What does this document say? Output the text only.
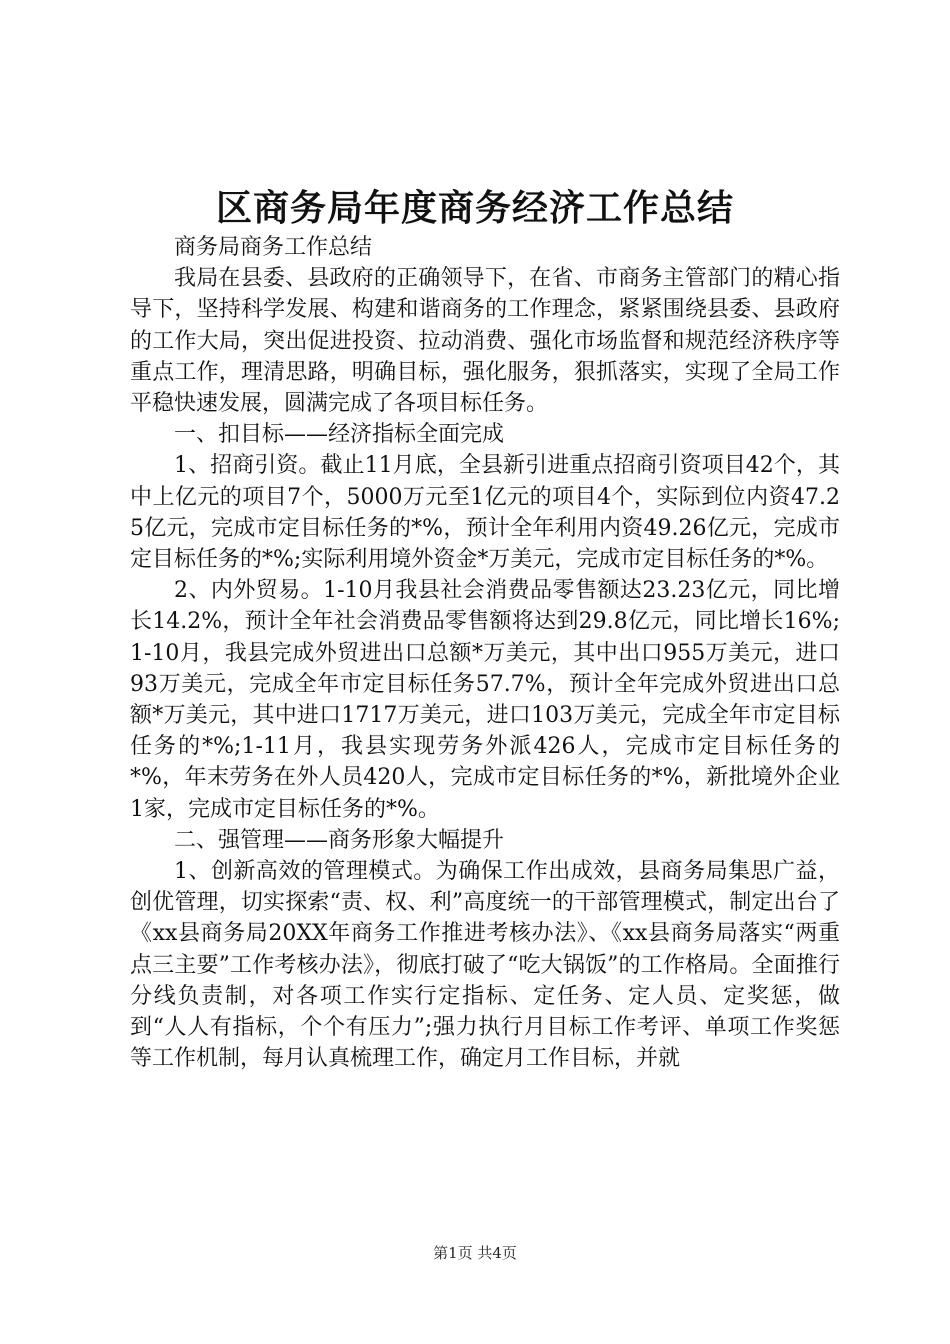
区商务局年度商务经济工作总结

商务局商务工作总结

我局在县委、县政府的正确领导下，在省、市商务主管部门的精心指导下，坚持科学发展、构建和谐商务的工作理念，紧紧围绕县委、县政府的工作大局，突出促进投资、拉动消费、强化市场监督和规范经济秩序等重点工作，理清思路，明确目标，强化服务，狠抓落实，实现了全局工作平稳快速发展，圆满完成了各项目标任务。

一、扣目标——经济指标全面完成

1、招商引资。截止11月底，全县新引进重点招商引资项目42个，其中上亿元的项目7个，5000万元至1亿元的项目4个，实际到位内资47.25亿元，完成市定目标任务的*%，预计全年利用内资49.26亿元，完成市定目标任务的*%;实际利用境外资金*万美元，完成市定目标任务的*%。

2、内外贸易。1-10月我县社会消费品零售额达23.23亿元，同比增长14.2%，预计全年社会消费品零售额将达到29.8亿元，同比增长16%;1-10月，我县完成外贸进出口总额*万美元，其中出口955万美元，进口93万美元，完成全年市定目标任务57.7%，预计全年完成外贸进出口总额*万美元，其中进口1717万美元，进口103万美元，完成全年市定目标任务的*%;1-11月，我县实现劳务外派426人，完成市定目标任务的*%，年末劳务在外人员420人，完成市定目标任务的*%，新批境外企业1家，完成市定目标任务的*%。

二、强管理——商务形象大幅提升

1、创新高效的管理模式。为确保工作出成效，县商务局集思广益，创优管理，切实探索“责、权、利”高度统一的干部管理模式，制定出台了《xx县商务局20XX年商务工作推进考核办法》、《xx县商务局落实“两重点三主要”工作考核办法》，彻底打破了“吃大锅饭”的工作格局。全面推行分线负责制，对各项工作实行定指标、定任务、定人员、定奖惩，做到“人人有指标，个个有压力”;强力执行月目标工作考评、单项工作奖惩等工作机制，每月认真梳理工作，确定月工作目标，并就

第1页 共4页
